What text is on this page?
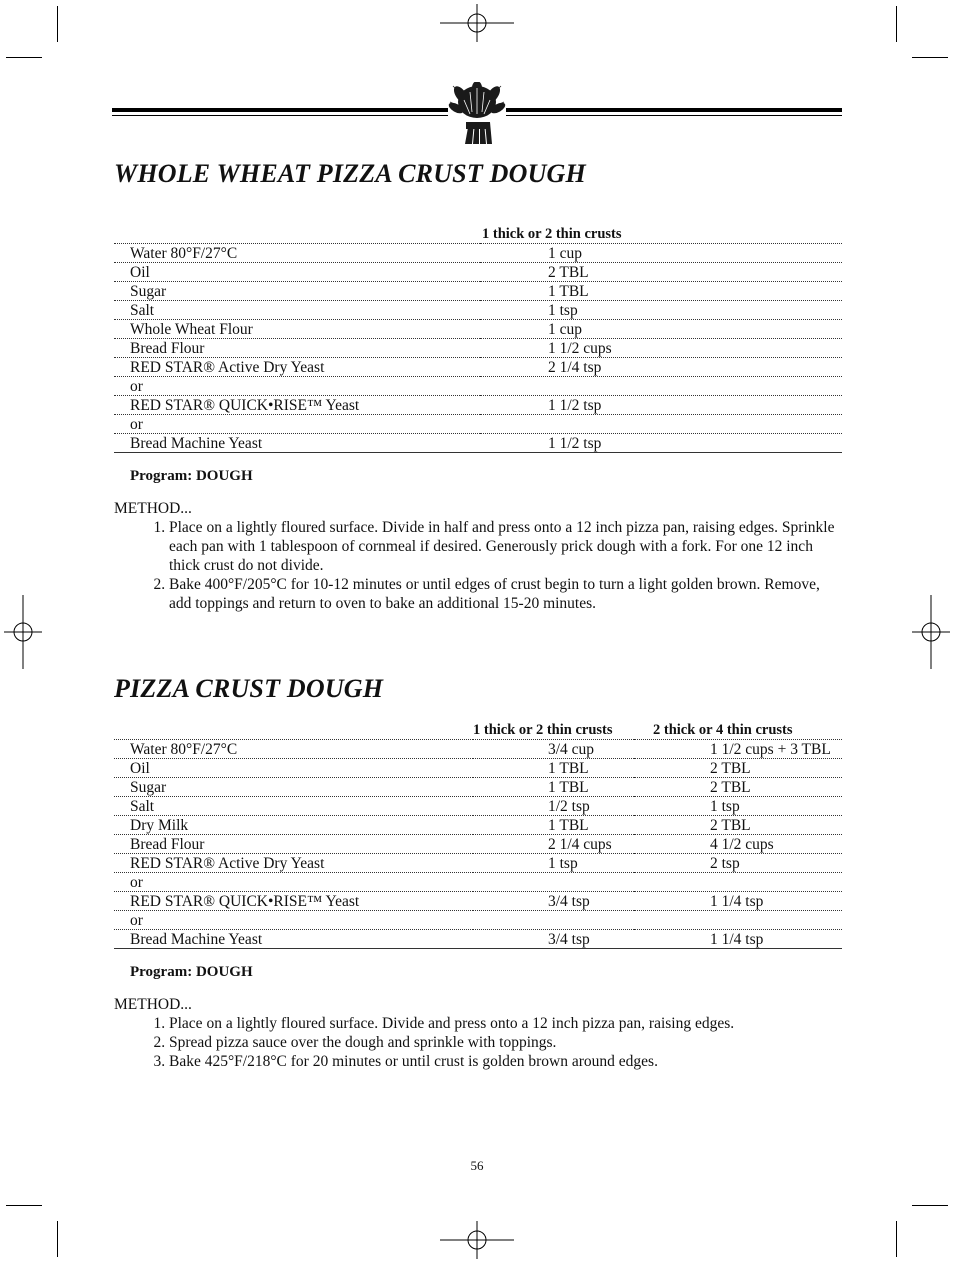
WHOLE WHEAT PIZZA CRUST DOUGH
	1 thick or 2 thin crusts
Water 80°F/27°C	1 cup
Oil	2 TBL
Sugar	1 TBL
Salt	1 tsp
Whole Wheat Flour	1 cup
Bread Flour	1 1/2 cups
RED STAR® Active Dry Yeast	2 1/4 tsp
or	
RED STAR® QUICK•RISE™ Yeast	1 1/2 tsp
or	
Bread Machine Yeast	1 1/2 tsp
Program: DOUGH

METHOD...

1. Place on a lightly floured surface. Divide in half and press onto a 12 inch pizza pan, raising edges. Sprinkle each pan with 1 tablespoon of cornmeal if desired. Generously prick dough with a fork. For one 12 inch thick crust do not divide.
2. Bake 400°F/205°C for 10-12 minutes or until edges of crust begin to turn a light golden brown. Remove, add toppings and return to oven to bake an additional 15-20 minutes.
PIZZA CRUST DOUGH
	1 thick or 2 thin crusts	2 thick or 4 thin crusts
Water 80°F/27°C	3/4 cup	1 1/2 cups + 3 TBL
Oil	1 TBL	2 TBL
Sugar	1 TBL	2 TBL
Salt	1/2 tsp	1 tsp
Dry Milk	1 TBL	2 TBL
Bread Flour	2 1/4 cups	4 1/2 cups
RED STAR® Active Dry Yeast	1 tsp	2 tsp
or		
RED STAR® QUICK•RISE™ Yeast	3/4 tsp	1 1/4 tsp
or		
Bread Machine Yeast	3/4 tsp	1 1/4 tsp
Program: DOUGH

METHOD...

1. Place on a lightly floured surface. Divide and press onto a 12 inch pizza pan, raising edges.
2. Spread pizza sauce over the dough and sprinkle with toppings.
3. Bake 425°F/218°C for 20 minutes or until crust is golden brown around edges.
56
